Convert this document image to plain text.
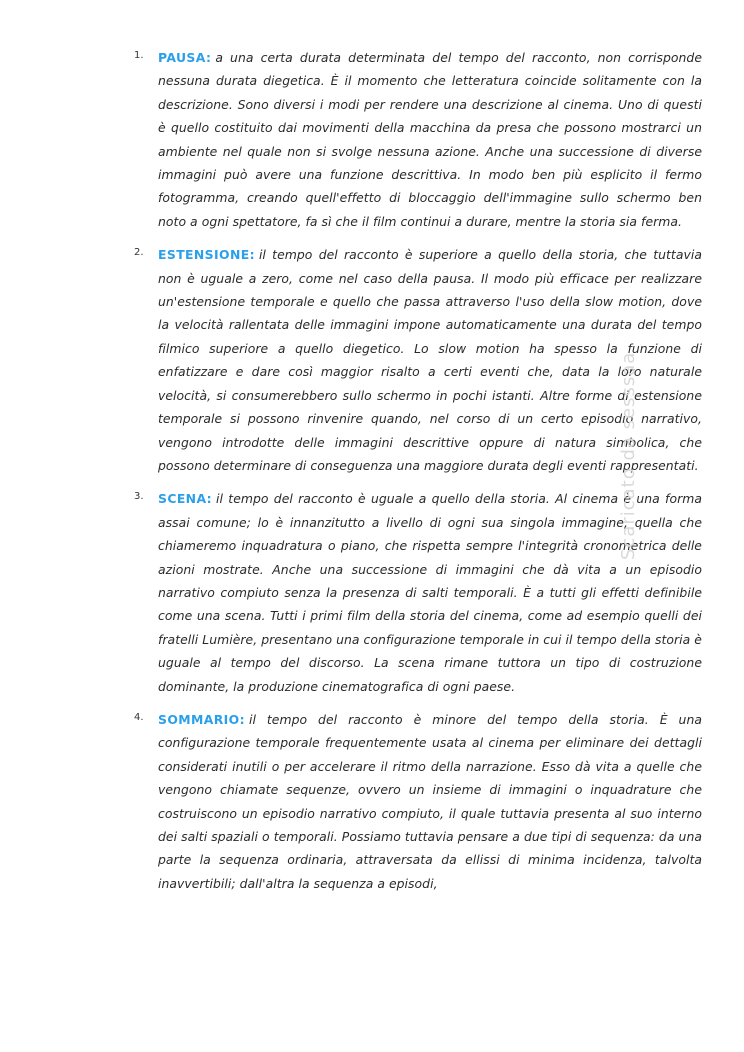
1. PAUSA: a una certa durata determinata del tempo del racconto, non corrisponde nessuna durata diegetica. È il momento che letteratura coincide solitamente con la descrizione. Sono diversi i modi per rendere una descrizione al cinema. Uno di questi è quello costituito dai movimenti della macchina da presa che possono mostrarci un ambiente nel quale non si svolge nessuna azione. Anche una successione di diverse immagini può avere una funzione descrittiva. In modo ben più esplicito il fermo fotogramma, creando quell'effetto di bloccaggio dell'immagine sullo schermo ben noto a ogni spettatore, fa sì che il film continui a durare, mentre la storia sia ferma.

2. ESTENSIONE: il tempo del racconto è superiore a quello della storia, che tuttavia non è uguale a zero, come nel caso della pausa. Il modo più efficace per realizzare un'estensione temporale e quello che passa attraverso l'uso della slow motion, dove la velocità rallentata delle immagini impone automaticamente una durata del tempo filmico superiore a quello diegetico. Lo slow motion ha spesso la funzione di enfatizzare e dare così maggior risalto a certi eventi che, data la loro naturale velocità, si consumerebbero sullo schermo in pochi istanti. Altre forme di estensione temporale si possono rinvenire quando, nel corso di un certo episodio narrativo, vengono introdotte delle immagini descrittive oppure di natura simbolica, che possono determinare di conseguenza una maggiore durata degli eventi rappresentati.

3. SCENA: il tempo del racconto è uguale a quello della storia. Al cinema è una forma assai comune; lo è innanzitutto a livello di ogni sua singola immagine, quella che chiameremo inquadratura o piano, che rispetta sempre l'integrità cronometrica delle azioni mostrate. Anche una successione di immagini che dà vita a un episodio narrativo compiuto senza la presenza di salti temporali. È a tutti gli effetti definibile come una scena. Tutti i primi film della storia del cinema, come ad esempio quelli dei fratelli Lumière, presentano una configurazione temporale in cui il tempo della storia è uguale al tempo del discorso. La scena rimane tuttora un tipo di costruzione dominante, la produzione cinematografica di ogni paese.

4. SOMMARIO: il tempo del racconto è minore del tempo della storia. È una configurazione temporale frequentemente usata al cinema per eliminare dei dettagli considerati inutili o per accelerare il ritmo della narrazione. Esso dà vita a quelle che vengono chiamate sequenze, ovvero un insieme di immagini o inquadrature che costruiscono un episodio narrativo compiuto, il quale tuttavia presenta al suo interno dei salti spaziali o temporali. Possiamo tuttavia pensare a due tipi di sequenza: da una parte la sequenza ordinaria, attraversata da ellissi di minima incidenza, talvolta inavvertibili; dall'altra la sequenza a episodi,

Scaricato da sesssaa
